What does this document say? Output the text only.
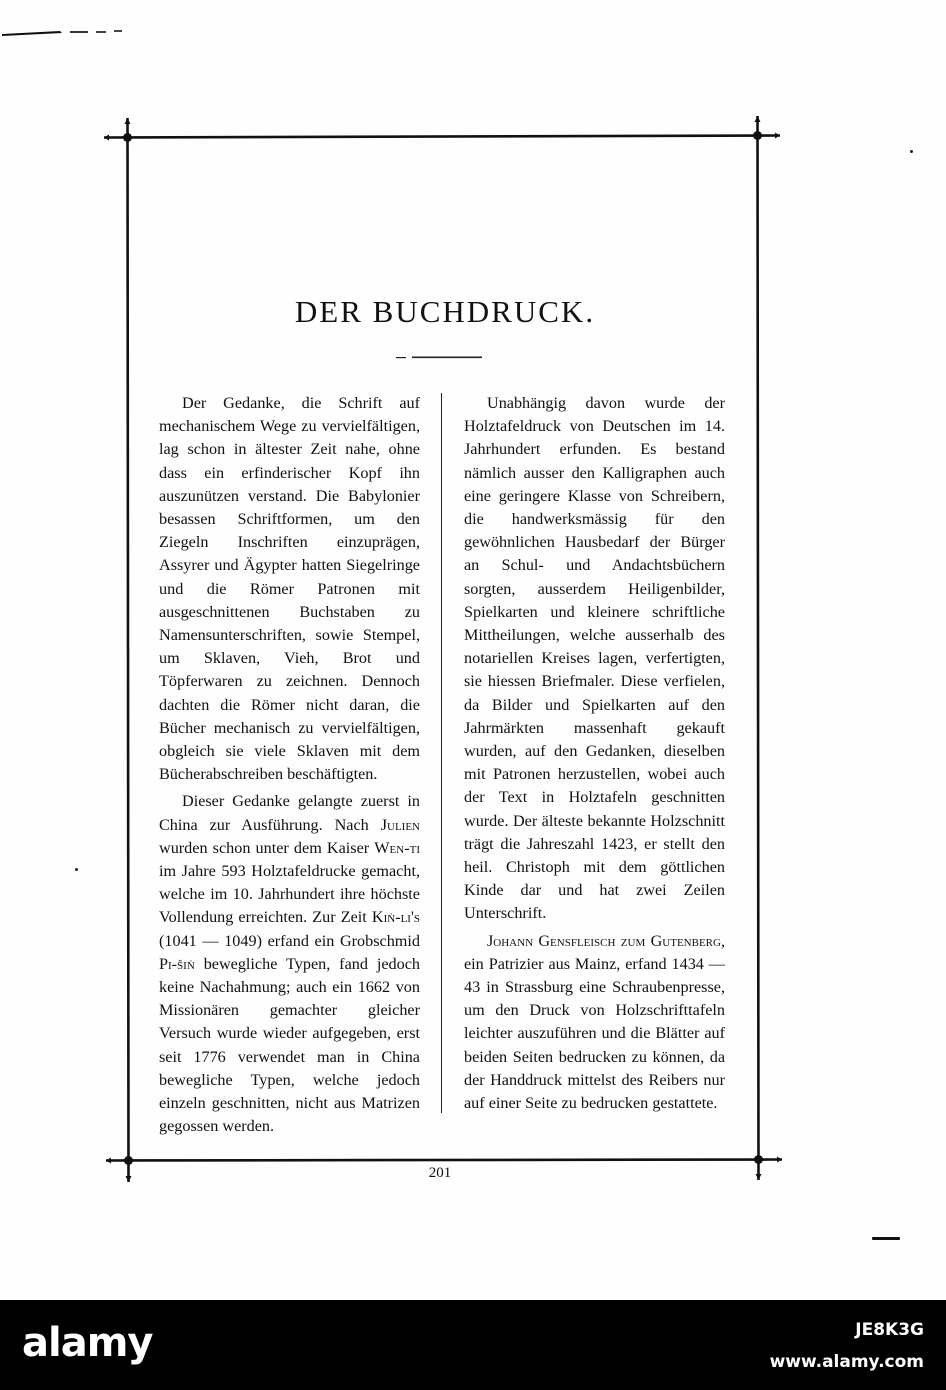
DER BUCHDRUCK.

Der Gedanke, die Schrift auf mechanischem Wege zu vervielfältigen, lag schon in ältester Zeit nahe, ohne dass ein erfinderischer Kopf ihn auszunützen verstand. Die Babylonier besassen Schriftformen, um den Ziegeln Inschriften einzuprägen, Assyrer und Ägypter hatten Siegelringe und die Römer Patronen mit ausgeschnittenen Buchstaben zu Namensunterschriften, sowie Stempel, um Sklaven, Vieh, Brot und Töpferwaren zu zeichnen. Dennoch dachten die Römer nicht daran, die Bücher mechanisch zu vervielfältigen, obgleich sie viele Sklaven mit dem Bücherabschreiben beschäftigten.

Dieser Gedanke gelangte zuerst in China zur Ausführung. Nach Julien wurden schon unter dem Kaiser Wen-ti im Jahre 593 Holztafeldrucke gemacht, welche im 10. Jahrhundert ihre höchste Vollendung erreichten. Zur Zeit Kiṅ-li's (1041 — 1049) erfand ein Grobschmid Pi-šiṅ bewegliche Typen, fand jedoch keine Nachahmung; auch ein 1662 von Missionären gemachter gleicher Versuch wurde wieder aufgegeben, erst seit 1776 verwendet man in China bewegliche Typen, welche jedoch einzeln geschnitten, nicht aus Matrizen gegossen werden.

Unabhängig davon wurde der Holztafeldruck von Deutschen im 14. Jahrhundert erfunden. Es bestand nämlich ausser den Kalligraphen auch eine geringere Klasse von Schreibern, die handwerksmässig für den gewöhnlichen Hausbedarf der Bürger an Schul- und Andachtsbüchern sorgten, ausserdem Heiligenbilder, Spielkarten und kleinere schriftliche Mittheilungen, welche ausserhalb des notariellen Kreises lagen, verfertigten, sie hiessen Briefmaler. Diese verfielen, da Bilder und Spielkarten auf den Jahrmärkten massenhaft gekauft wurden, auf den Gedanken, dieselben mit Patronen herzustellen, wobei auch der Text in Holztafeln geschnitten wurde. Der älteste bekannte Holzschnitt trägt die Jahreszahl 1423, er stellt den heil. Christoph mit dem göttlichen Kinde dar und hat zwei Zeilen Unterschrift.

Johann Gensfleisch zum Gutenberg, ein Patrizier aus Mainz, erfand 1434 — 43 in Strassburg eine Schraubenpresse, um den Druck von Holzschrifttafeln leichter auszuführen und die Blätter auf beiden Seiten bedrucken zu können, da der Handdruck mittelst des Reibers nur auf einer Seite zu bedrucken gestattete.

201
alamy	JE8K3G
www.alamy.com
